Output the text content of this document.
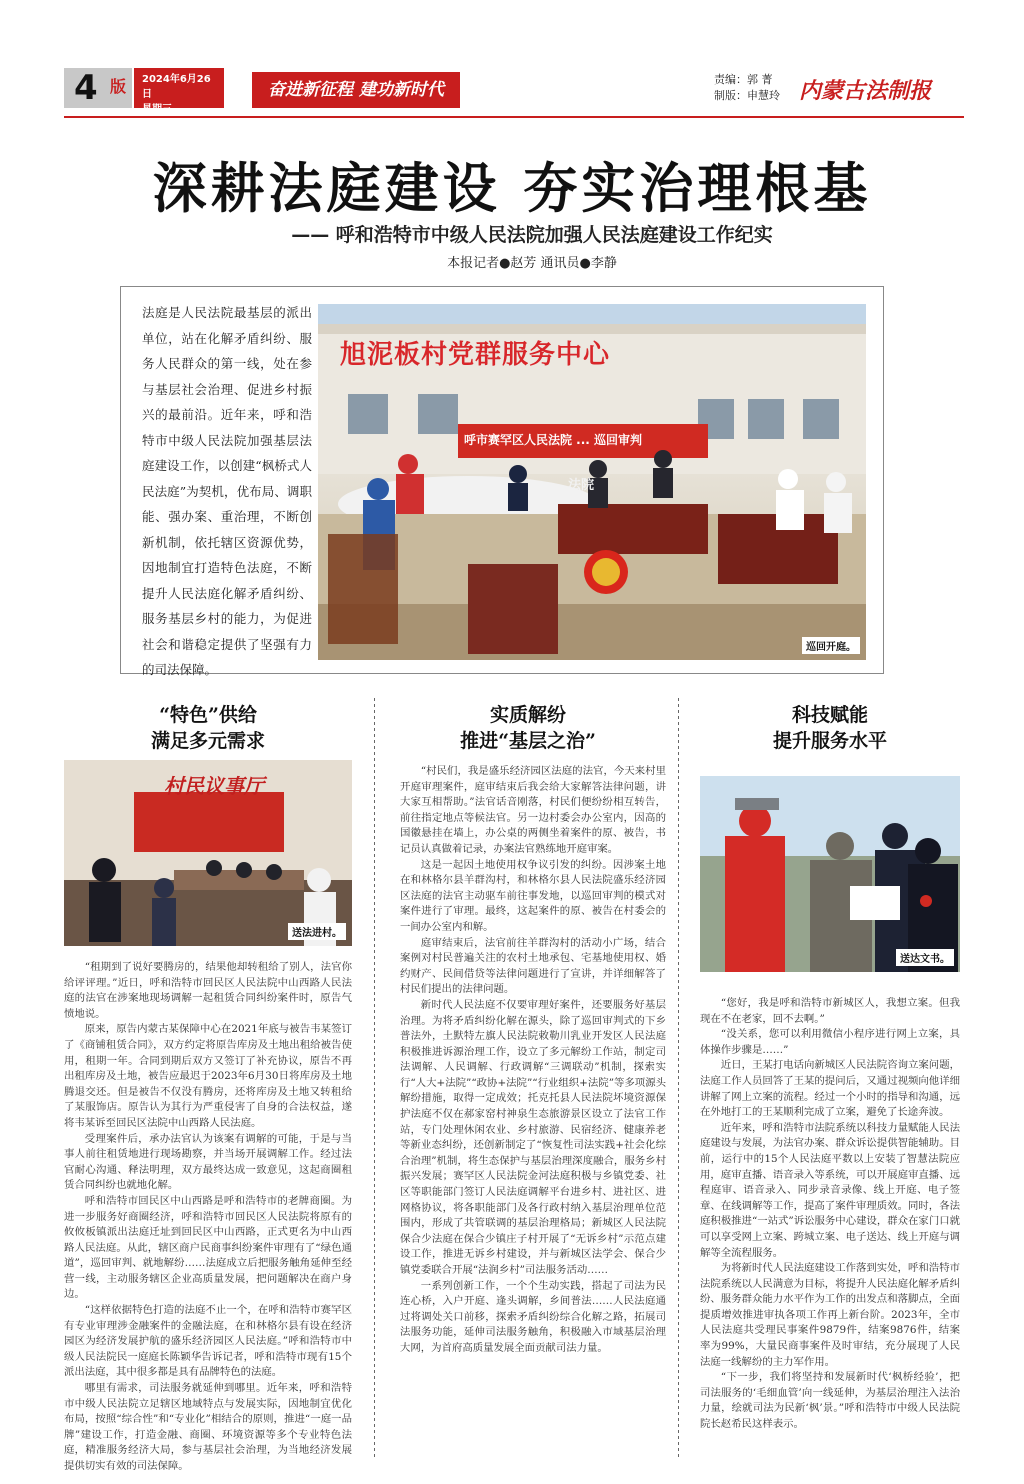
4 版 2024年6月26日
星期三
奋进新征程 建功新时代
责编：郭 菁
制版：申慧玲 内蒙古法制报
深耕法庭建设 夯实治理根基
—— 呼和浩特市中级人民法院加强人民法庭建设工作纪实
本报记者●赵芳 通讯员●李静
法庭是人民法院最基层的派出单位，站在化解矛盾纠纷、服务人民群众的第一线，处在参与基层社会治理、促进乡村振兴的最前沿。近年来，呼和浩特市中级人民法院加强基层法庭建设工作，以创建“枫桥式人民法庭”为契机，优布局、调职能、强办案、重治理，不断创新机制，依托辖区资源优势，因地制宜打造特色法庭，不断提升人民法庭化解矛盾纠纷、服务基层乡村的能力，为促进社会和谐稳定提供了坚强有力的司法保障。
旭泥板村党群服务中心
呼市赛罕区人民法院 ... 巡回审判
法院
巡回开庭。
“特色”供给
满足多元需求
村民议事厅
送法进村。

“租期到了说好要腾房的，结果他却转租给了别人，法官你给评评理。”近日，呼和浩特市回民区人民法院中山西路人民法庭的法官在涉案地现场调解一起租赁合同纠纷案件时，原告气愤地说。

原来，原告内蒙古某保障中心在2021年底与被告韦某签订了《商铺租赁合同》，双方约定将原告库房及土地出租给被告使用，租期一年。合同到期后双方又签订了补充协议，原告不再出租库房及土地，被告应最迟于2023年6月30日将库房及土地腾退交还。但是被告不仅没有腾房，还将库房及土地又转租给了某服饰店。原告认为其行为严重侵害了自身的合法权益，遂将韦某诉至回民区法院中山西路人民法庭。

受理案件后，承办法官认为该案有调解的可能，于是与当事人前往租赁地进行现场勘察，并当场开展调解工作。经过法官耐心沟通、释法明理，双方最终达成一致意见，这起商圈租赁合同纠纷也就地化解。

呼和浩特市回民区中山西路是呼和浩特市的老牌商圈。为进一步服务好商圈经济，呼和浩特市回民区人民法院将原有的攸攸板镇派出法庭迁址到回民区中山西路，正式更名为中山西路人民法庭。从此，辖区商户民商事纠纷案件审理有了“绿色通道”，巡回审判、就地解纷……法庭成立后把服务触角延伸至经营一线，主动服务辖区企业高质量发展，把问题解决在商户身边。

“这样依据特色打造的法庭不止一个，在呼和浩特市赛罕区有专业审理涉金融案件的金融法庭，在和林格尔县有设在经济园区为经济发展护航的盛乐经济园区人民法庭。”呼和浩特市中级人民法院民一庭庭长陈颖华告诉记者，呼和浩特市现有15个派出法庭，其中很多都是具有品牌特色的法庭。

哪里有需求，司法服务就延伸到哪里。近年来，呼和浩特市中级人民法院立足辖区地域特点与发展实际，因地制宜优化布局，按照“综合性”和“专业化”相结合的原则，推进“一庭一品牌”建设工作，打造金融、商圈、环境资源等多个专业特色法庭，精准服务经济大局，参与基层社会治理，为当地经济发展提供切实有效的司法保障。

实质解纷
推进“基层之治”

“村民们，我是盛乐经济园区法庭的法官，今天来村里开庭审理案件，庭审结束后我会给大家解答法律问题，讲大家互相帮助。”法官话音刚落，村民们便纷纷相互转告，前往指定地点等候法官。另一边村委会办公室内，因高的国徽悬挂在墙上，办公桌的两侧坐着案件的原、被告，书记员认真做着记录，办案法官熟练地开庭审案。

这是一起因土地使用权争议引发的纠纷。因涉案土地在和林格尔县羊群沟村，和林格尔县人民法院盛乐经济园区法庭的法官主动驱车前往事发地，以巡回审判的模式对案件进行了审理。最终，这起案件的原、被告在村委会的一间办公室内和解。

庭审结束后，法官前往羊群沟村的活动小广场，结合案例对村民普遍关注的农村土地承包、宅基地使用权、婚约财产、民间借贷等法律问题进行了宣讲，并详细解答了村民们提出的法律问题。

新时代人民法庭不仅要审理好案件，还要服务好基层治理。为将矛盾纠纷化解在源头，除了巡回审判式的下乡普法外，土默特左旗人民法院敕勒川乳业开发区人民法庭积极推进诉源治理工作，设立了多元解纷工作站，制定司法调解、人民调解、行政调解“三调联动”机制，探索实行“人大+法院”“政协+法院”“行业组织+法院”等多项源头解纷措施，取得一定成效；托克托县人民法院坏境资源保护法庭不仅在郝家窑村神泉生态旅游景区设立了法官工作站，专门处理休闲农业、乡村旅游、民宿经济、健康养老等新业态纠纷，还创新制定了“恢复性司法实践+社会化综合治理”机制，将生态保护与基层治理深度融合，服务乡村振兴发展；赛罕区人民法院金河法庭积极与乡镇党委、社区等职能部门签订人民法庭调解平台进乡村、进社区、进网格协议，将各职能部门及各行政村纳入基层治理单位范围内，形成了共管联调的基层治理格局；新城区人民法院保合少法庭在保合少镇庄子村开展了“无诉乡村”示范点建设工作，推进无诉乡村建设，并与新城区法学会、保合少镇党委联合开展“法润乡村”司法服务活动……

一系列创新工作，一个个生动实践，搭起了司法为民连心桥，入户开庭、逢头调解，乡间普法……人民法庭通过将调处关口前移，探索矛盾纠纷综合化解之路，拓展司法服务功能，延伸司法服务触角，积极融入市域基层治理大网，为首府高质量发展全面贡献司法力量。

科技赋能
提升服务水平
送达文书。

“您好，我是呼和浩特市新城区人，我想立案。但我现在不在老家，回不去啊。”

“没关系，您可以利用微信小程序进行网上立案，具体操作步骤是……”

近日，王某打电话向新城区人民法院咨询立案问题，法庭工作人员回答了王某的提问后，又通过视频向他详细讲解了网上立案的流程。经过一个小时的指导和沟通，远在外地打工的王某顺利完成了立案，避免了长途奔波。

近年来，呼和浩特市法院系统以科技力量赋能人民法庭建设与发展，为法官办案、群众诉讼提供智能辅助。目前，运行中的15个人民法庭平数以上安装了智慧法院应用，庭审直播、语音录入等系统，可以开展庭审直播、远程庭审、语音录入、同步录音录像、线上开庭、电子签章、在线调解等工作，提高了案件审理质效。同时，各法庭积极推进“一站式”诉讼服务中心建设，群众在家门口就可以享受网上立案、跨城立案、电子送达、线上开庭与调解等全流程服务。

为将新时代人民法庭建设工作落到实处，呼和浩特市法院系统以人民满意为目标，将提升人民法庭化解矛盾纠纷、服务群众能力水平作为工作的出发点和落脚点，全面提质增效推进审执各项工作再上新台阶。2023年，全市人民法庭共受理民事案件9879件，结案9876件，结案率为99%，大量民商事案件及时审结，充分展现了人民法庭一线解纷的主力军作用。

“下一步，我们将坚持和发展新时代‘枫桥经验’，把司法服务的‘毛细血管’向一线延伸，为基层治理注入法治力量，绘就司法为民新‘枫’景。”呼和浩特市中级人民法院院长赵希民这样表示。
